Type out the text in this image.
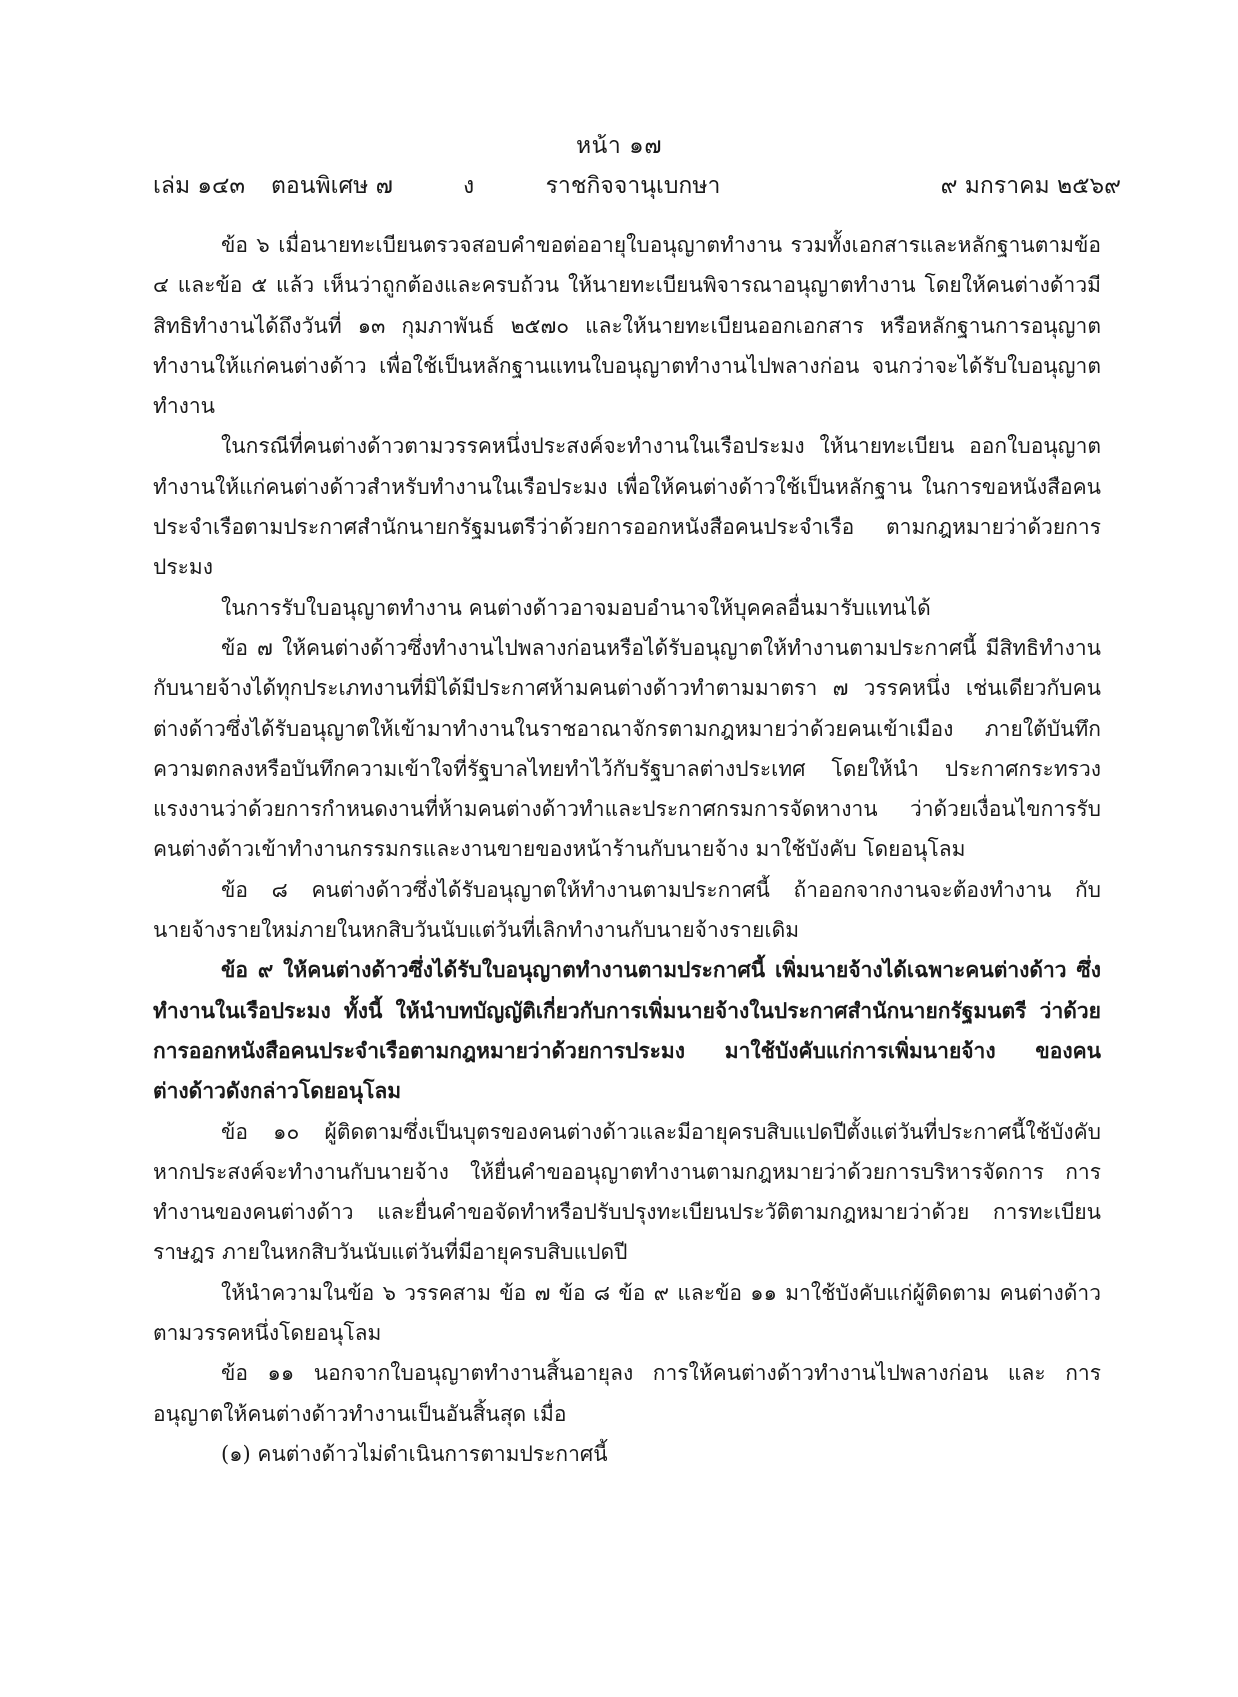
หน้า ๑๗
เล่ม ๑๔๓ ตอนพิเศษ ๗	ง	ราชกิจจานุเบกษา	๙ มกราคม ๒๕๖๙

ข้อ ๖ เมื่อนายทะเบียนตรวจสอบคำขอต่ออายุใบอนุญาตทำงาน รวมทั้งเอกสารและหลักฐานตามข้อ ๔ และข้อ ๕ แล้ว เห็นว่าถูกต้องและครบถ้วน ให้นายทะเบียนพิจารณาอนุญาตทำงาน โดยให้คนต่างด้าวมีสิทธิทำงานได้ถึงวันที่ ๑๓ กุมภาพันธ์ ๒๕๗๐ และให้นายทะเบียนออกเอกสาร หรือหลักฐานการอนุญาตทำงานให้แก่คนต่างด้าว เพื่อใช้เป็นหลักฐานแทนใบอนุญาตทำงานไปพลางก่อน จนกว่าจะได้รับใบอนุญาตทำงาน

ในกรณีที่คนต่างด้าวตามวรรคหนึ่งประสงค์จะทำงานในเรือประมง ให้นายทะเบียน ออกใบอนุญาตทำงานให้แก่คนต่างด้าวสำหรับทำงานในเรือประมง เพื่อให้คนต่างด้าวใช้เป็นหลักฐาน ในการขอหนังสือคนประจำเรือตามประกาศสำนักนายกรัฐมนตรีว่าด้วยการออกหนังสือคนประจำเรือ ตามกฎหมายว่าด้วยการประมง

ในการรับใบอนุญาตทำงาน คนต่างด้าวอาจมอบอำนาจให้บุคคลอื่นมารับแทนได้

ข้อ ๗ ให้คนต่างด้าวซึ่งทำงานไปพลางก่อนหรือได้รับอนุญาตให้ทำงานตามประกาศนี้ มีสิทธิทำงานกับนายจ้างได้ทุกประเภทงานที่มิได้มีประกาศห้ามคนต่างด้าวทำตามมาตรา ๗ วรรคหนึ่ง เช่นเดียวกับคนต่างด้าวซึ่งได้รับอนุญาตให้เข้ามาทำงานในราชอาณาจักรตามกฎหมายว่าด้วยคนเข้าเมือง ภายใต้บันทึกความตกลงหรือบันทึกความเข้าใจที่รัฐบาลไทยทำไว้กับรัฐบาลต่างประเทศ โดยให้นำ ประกาศกระทรวงแรงงานว่าด้วยการกำหนดงานที่ห้ามคนต่างด้าวทำและประกาศกรมการจัดหางาน ว่าด้วยเงื่อนไขการรับคนต่างด้าวเข้าทำงานกรรมกรและงานขายของหน้าร้านกับนายจ้าง มาใช้บังคับ โดยอนุโลม

ข้อ ๘ คนต่างด้าวซึ่งได้รับอนุญาตให้ทำงานตามประกาศนี้ ถ้าออกจากงานจะต้องทำงาน กับนายจ้างรายใหม่ภายในหกสิบวันนับแต่วันที่เลิกทำงานกับนายจ้างรายเดิม

ข้อ ๙ ให้คนต่างด้าวซึ่งได้รับใบอนุญาตทำงานตามประกาศนี้ เพิ่มนายจ้างได้เฉพาะคนต่างด้าว ซึ่งทำงานในเรือประมง ทั้งนี้ ให้นำบทบัญญัติเกี่ยวกับการเพิ่มนายจ้างในประกาศสำนักนายกรัฐมนตรี ว่าด้วยการออกหนังสือคนประจำเรือตามกฎหมายว่าด้วยการประมง มาใช้บังคับแก่การเพิ่มนายจ้าง ของคนต่างด้าวดังกล่าวโดยอนุโลม

ข้อ ๑๐ ผู้ติดตามซึ่งเป็นบุตรของคนต่างด้าวและมีอายุครบสิบแปดปีตั้งแต่วันที่ประกาศนี้ใช้บังคับ หากประสงค์จะทำงานกับนายจ้าง ให้ยื่นคำขออนุญาตทำงานตามกฎหมายว่าด้วยการบริหารจัดการ การทำงานของคนต่างด้าว และยื่นคำขอจัดทำหรือปรับปรุงทะเบียนประวัติตามกฎหมายว่าด้วย การทะเบียนราษฎร ภายในหกสิบวันนับแต่วันที่มีอายุครบสิบแปดปี

ให้นำความในข้อ ๖ วรรคสาม ข้อ ๗ ข้อ ๘ ข้อ ๙ และข้อ ๑๑ มาใช้บังคับแก่ผู้ติดตาม คนต่างด้าวตามวรรคหนึ่งโดยอนุโลม

ข้อ ๑๑ นอกจากใบอนุญาตทำงานสิ้นอายุลง การให้คนต่างด้าวทำงานไปพลางก่อน และ การอนุญาตให้คนต่างด้าวทำงานเป็นอันสิ้นสุด เมื่อ

(๑) คนต่างด้าวไม่ดำเนินการตามประกาศนี้
